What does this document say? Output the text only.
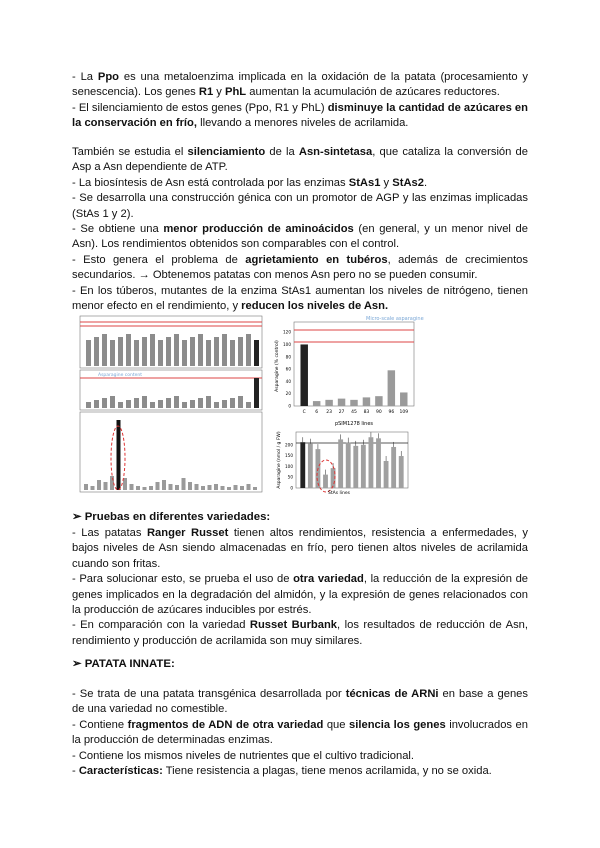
- La Ppo es una metaloenzima implicada en la oxidación de la patata (procesamiento y senescencia). Los genes R1 y PhL aumentan la acumulación de azúcares reductores.
- El silenciamiento de estos genes (Ppo, R1 y PhL) disminuye la cantidad de azúcares en la conservación en frío, llevando a menores niveles de acrilamida.
También se estudia el silenciamiento de la Asn-sintetasa, que cataliza la conversión de Asp a Asn dependiente de ATP.
- La biosíntesis de Asn está controlada por las enzimas StAs1 y StAs2.
- Se desarrolla una construcción génica con un promotor de AGP y las enzimas implicadas (StAs 1 y 2).
- Se obtiene una menor producción de aminoácidos (en general, y un menor nivel de Asn). Los rendimientos obtenidos son comparables con el control.
- Esto genera el problema de agrietamiento en tubéros, además de crecimientos secundarios. → Obtenemos patatas con menos Asn pero no se pueden consumir.
- En los túberos, mutantes de la enzima StAs1 aumentan los niveles de nitrógeno, tienen menor efecto en el rendimiento, y reducen los niveles de Asn.
Asparagine content
Micro-scale asparagine
120
100
80
60
40
20
0
C 6 23 27 45 83 90 96 109
Asparagine (% control)
pSIM1278 lines
200
150
100
50
0
Asparagine (nmol / g FW)
StAs lines
➢ Pruebas en diferentes variedades:
- Las patatas Ranger Russet tienen altos rendimientos, resistencia a enfermedades, y bajos niveles de Asn siendo almacenadas en frío, pero tienen altos niveles de acrilamida cuando son fritas.
- Para solucionar esto, se prueba el uso de otra variedad, la reducción de la expresión de genes implicados en la degradación del almidón, y la expresión de genes relacionados con la producción de azúcares inducibles por estrés.
- En comparación con la variedad Russet Burbank, los resultados de reducción de Asn, rendimiento y producción de acrilamida son muy similares.
➢ PATATA INNATE:
- Se trata de una patata transgénica desarrollada por técnicas de ARNi en base a genes de una variedad no comestible.
- Contiene fragmentos de ADN de otra variedad que silencia los genes involucrados en la producción de determinadas enzimas.
- Contiene los mismos niveles de nutrientes que el cultivo tradicional.
- Características: Tiene resistencia a plagas, tiene menos acrilamida, y no se oxida.
